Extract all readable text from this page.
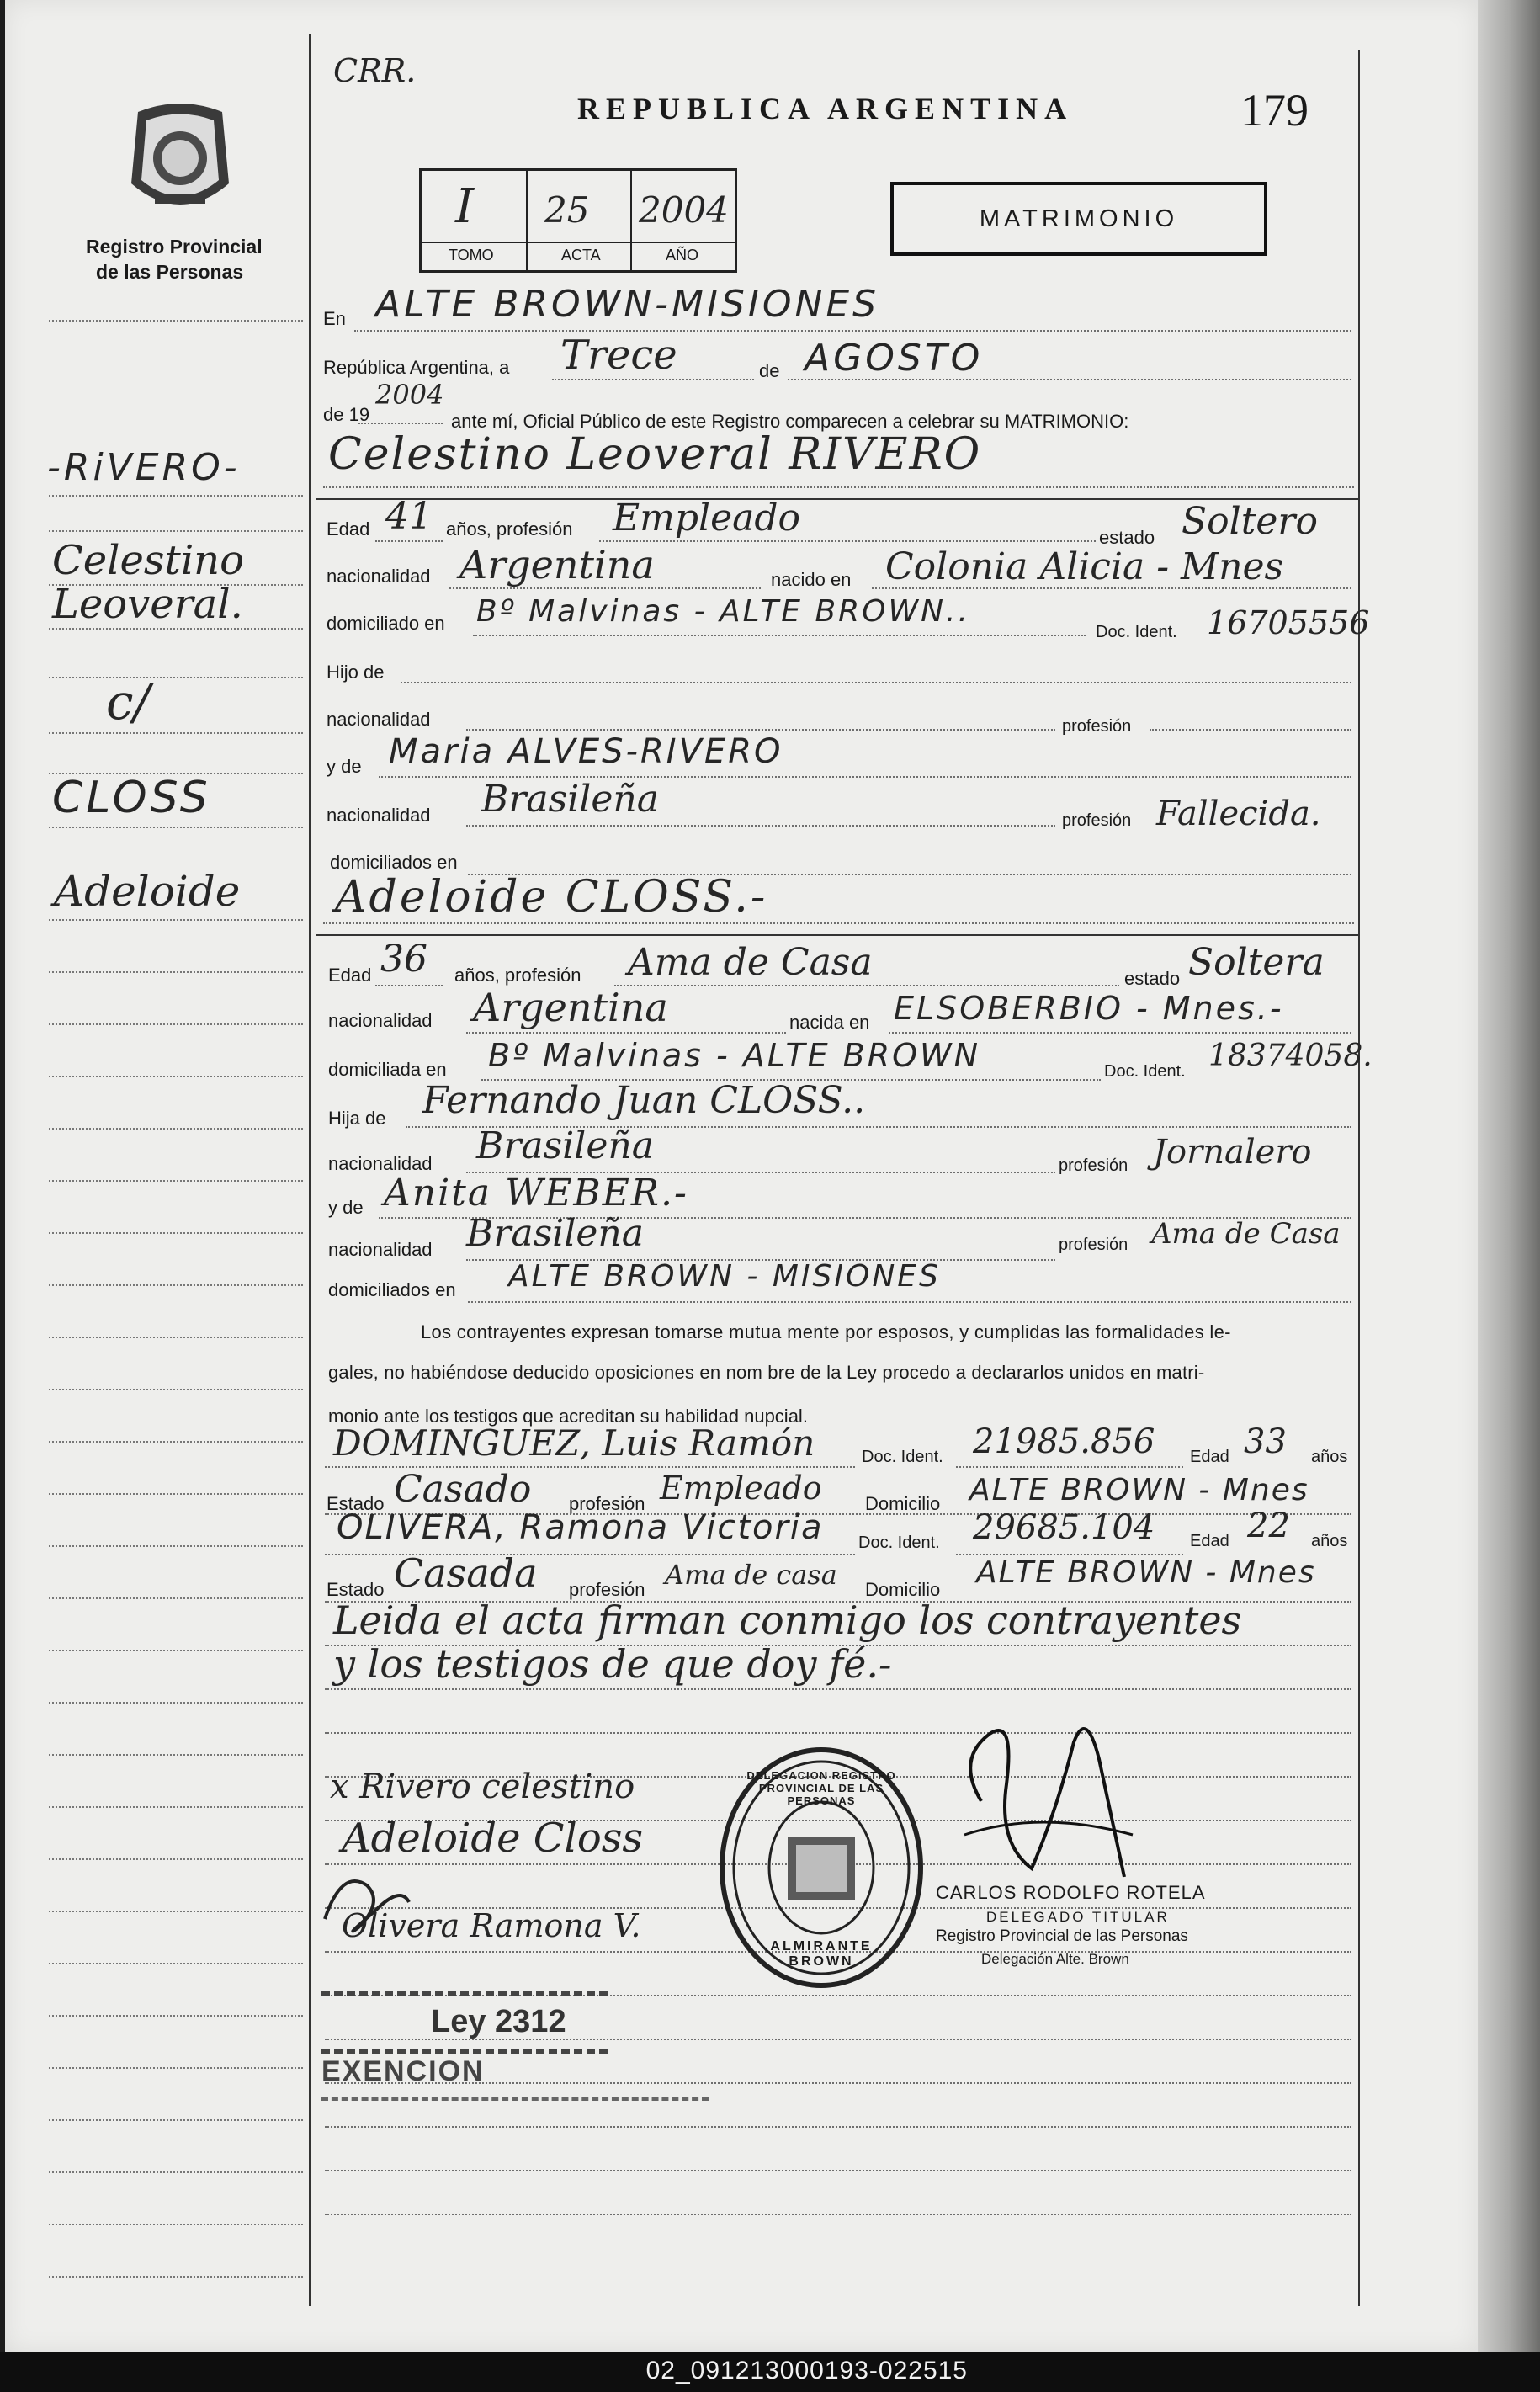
CRR.
REPUBLICA ARGENTINA	179
Registro Provincial
de las Personas
I 25 2004
TOMO	ACTA	AÑO
MATRIMONIO
-RiVERO-
Celestino
Leoveral.
c/
CLOSS
Adeloide
En ALTE BROWN-MISIONES
República Argentina, a Trece	de AGOSTO
de 19
2004
ante mí, Oficial Público de este Registro comparecen a celebrar su MATRIMONIO:
Celestino Leoveral RIVERO
Edad 41 años, profesión Empleado	estado Soltero
nacionalidad Argentina	nacido en Colonia Alicia - Mnes
domiciliado en Bº Malvinas - ALTE BROWN..
Doc. Ident. 16705556
Hijo de
nacionalidad	profesión
y de Maria ALVES-RIVERO
nacionalidad Brasileña	profesión Fallecida.
domiciliados en
Adeloide CLOSS.-
Edad 36 años, profesión Ama de Casa	estado Soltera
nacionalidad Argentina	nacida en ELSOBERBIO - Mnes.-
domiciliada en Bº Malvinas - ALTE BROWN	Doc. Ident. 18374058.
Hija de Fernando Juan CLOSS..
nacionalidad Brasileña	profesión Jornalero
y de Anita WEBER.-
nacionalidad Brasileña	profesión Ama de Casa
domiciliados en ALTE BROWN - MISIONES
Los contrayentes expresan tomarse mutua mente por esposos, y cumplidas las formalidades le-
gales, no habiéndose deducido oposiciones en nom bre de la Ley procedo a declararlos unidos en matri-
monio ante los testigos que acreditan su habilidad nupcial.
DOMINGUEZ, Luis Ramón	Doc. Ident. 21985.856 Edad 33 años
Estado Casado profesión Empleado Domicilio ALTE BROWN - Mnes
OLIVERA, Ramona Victoria Doc. Ident. 29685.104 Edad 22 años
Estado Casada profesión Ama de casa Domicilio ALTE BROWN - Mnes
Leida el acta firman conmigo los contrayentes
y los testigos de que doy fé.-
x Rivero celestino
Adeloide Closs
Olivera Ramona V.
DELEGACION REGISTRO PROVINCIAL DE LAS PERSONAS
ALMIRANTE BROWN
CARLOS RODOLFO ROTELA
DELEGADO TITULAR
Registro Provincial de las Personas
Delegación Alte. Brown
Ley 2312
EXENCION
02_091213000193-022515
